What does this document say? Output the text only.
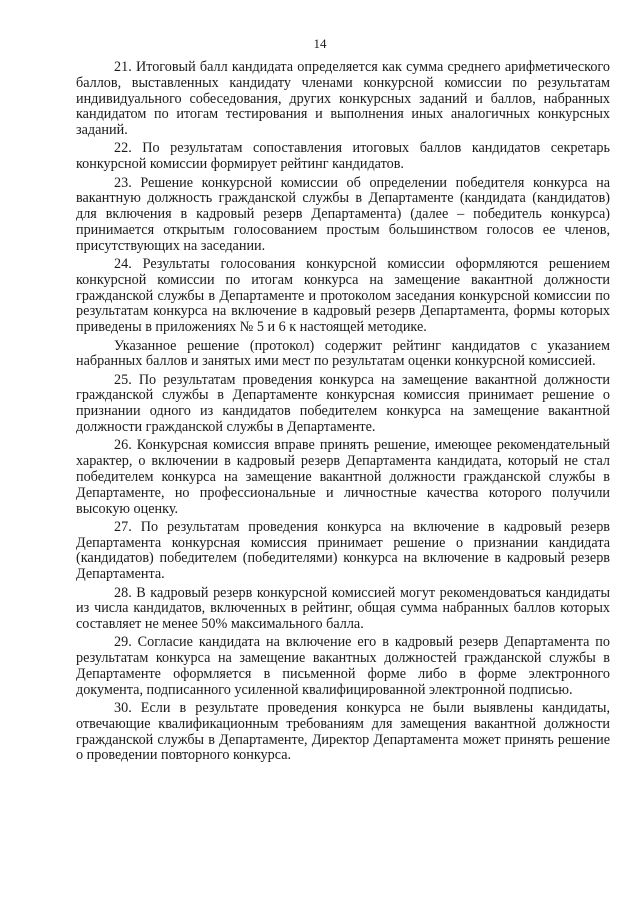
14

21. Итоговый балл кандидата определяется как сумма среднего арифметического баллов, выставленных кандидату членами конкурсной комиссии по результатам индивидуального собеседования, других конкурсных заданий и баллов, набранных кандидатом по итогам тестирования и выполнения иных аналогичных конкурсных заданий.

22. По результатам сопоставления итоговых баллов кандидатов секретарь конкурсной комиссии формирует рейтинг кандидатов.

23. Решение конкурсной комиссии об определении победителя конкурса на вакантную должность гражданской службы в Департаменте (кандидата (кандидатов) для включения в кадровый резерв Департамента) (далее – победитель конкурса) принимается открытым голосованием простым большинством голосов ее членов, присутствующих на заседании.

24. Результаты голосования конкурсной комиссии оформляются решением конкурсной комиссии по итогам конкурса на замещение вакантной должности гражданской службы в Департаменте и протоколом заседания конкурсной комиссии по результатам конкурса на включение в кадровый резерв Департамента, формы которых приведены в приложениях № 5 и 6 к настоящей методике.

Указанное решение (протокол) содержит рейтинг кандидатов с указанием набранных баллов и занятых ими мест по результатам оценки конкурсной комиссией.

25. По результатам проведения конкурса на замещение вакантной должности гражданской службы в Департаменте конкурсная комиссия принимает решение о признании одного из кандидатов победителем конкурса на замещение вакантной должности гражданской службы в Департаменте.

26. Конкурсная комиссия вправе принять решение, имеющее рекомендательный характер, о включении в кадровый резерв Департамента кандидата, который не стал победителем конкурса на замещение вакантной должности гражданской службы в Департаменте, но профессиональные и личностные качества которого получили высокую оценку.

27. По результатам проведения конкурса на включение в кадровый резерв Департамента конкурсная комиссия принимает решение о признании кандидата (кандидатов) победителем (победителями) конкурса на включение в кадровый резерв Департамента.

28. В кадровый резерв конкурсной комиссией могут рекомендоваться кандидаты из числа кандидатов, включенных в рейтинг, общая сумма набранных баллов которых составляет не менее 50% максимального балла.

29. Согласие кандидата на включение его в кадровый резерв Департамента по результатам конкурса на замещение вакантных должностей гражданской службы в Департаменте оформляется в письменной форме либо в форме электронного документа, подписанного усиленной квалифицированной электронной подписью.

30. Если в результате проведения конкурса не были выявлены кандидаты, отвечающие квалификационным требованиям для замещения вакантной должности гражданской службы в Департаменте, Директор Департамента может принять решение о проведении повторного конкурса.
